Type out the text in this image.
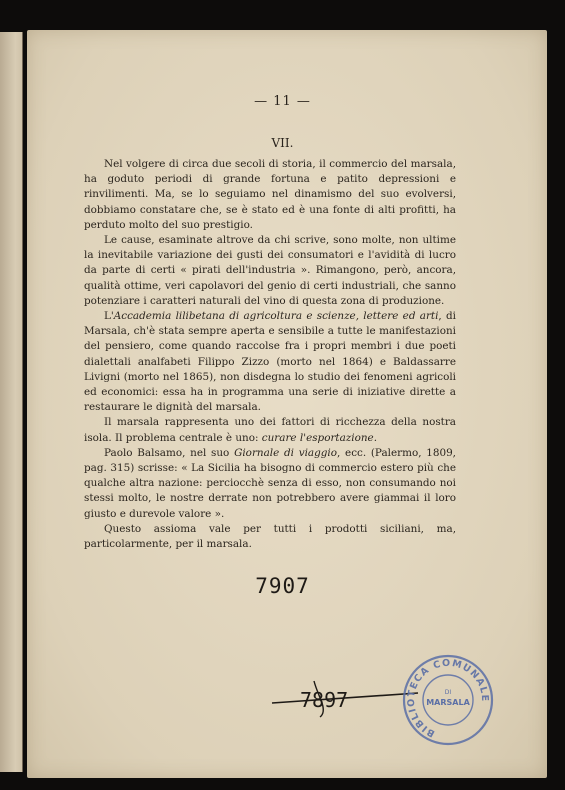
— 11 —
VII.

Nel volgere di circa due secoli di storia, il commercio del marsala, ha goduto periodi di grande fortuna e patito depressioni e rinvilimenti. Ma, se lo seguiamo nel dinamismo del suo evolversi, dobbiamo constatare che, se è stato ed è una fonte di alti profitti, ha perduto molto del suo prestigio.

Le cause, esaminate altrove da chi scrive, sono molte, non ultime la inevitabile variazione dei gusti dei consumatori e l'avidità di lucro da parte di certi « pirati dell'industria ». Rimangono, però, ancora, qualità ottime, veri capolavori del genio di certi industriali, che sanno potenziare i caratteri naturali del vino di questa zona di produzione.

L'Accademia lilibetana di agricoltura e scienze, lettere ed arti, di Marsala, ch'è stata sempre aperta e sensibile a tutte le manifestazioni del pensiero, come quando raccolse fra i propri membri i due poeti dialettali analfabeti Filippo Zizzo (morto nel 1864) e Baldassarre Livigni (morto nel 1865), non disdegna lo studio dei fenomeni agricoli ed economici: essa ha in programma una serie di iniziative dirette a restaurare le dignità del marsala.

Il marsala rappresenta uno dei fattori di ricchezza della nostra isola. Il problema centrale è uno: curare l'esportazione.

Paolo Balsamo, nel suo Giornale di viaggio, ecc. (Palermo, 1809, pag. 315) scrisse: « La Sicilia ha bisogno di commercio estero più che qualche altra nazione: perciocchè senza di esso, non consumando noi stessi molto, le nostre derrate non potrebbero avere giammai il loro giusto e durevole valore ».

Questo assioma vale per tutti i prodotti siciliani, ma, particolarmente, per il marsala.

7907
7897
BIBLIOTECA COMUNALE
DI
MARSALA
